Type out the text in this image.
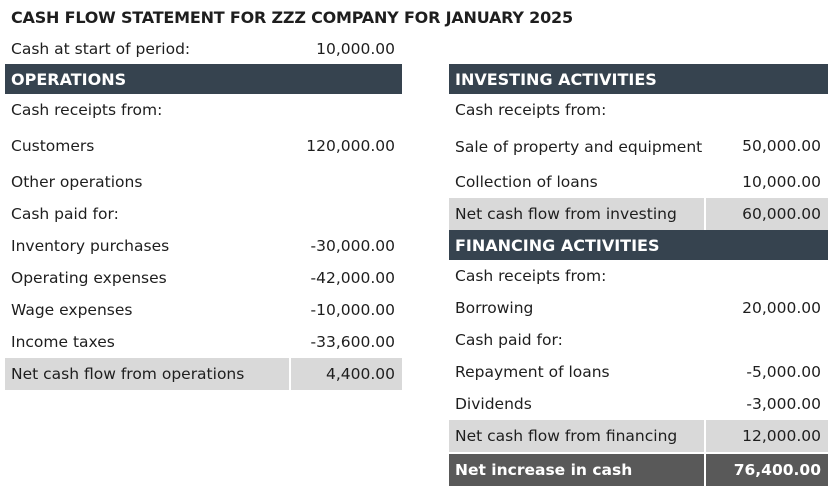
CASH FLOW STATEMENT FOR ZZZ COMPANY FOR JANUARY 2025
Cash at start of period:	10,000.00
OPERATIONS
Cash receipts from:
Customers	120,000.00
Other operations
Cash paid for:
Inventory purchases	-30,000.00
Operating expenses	-42,000.00
Wage expenses	-10,000.00
Income taxes	-33,600.00
Net cash flow from operations	4,400.00
INVESTING ACTIVITIES
Cash receipts from:
Sale of property and equipment	50,000.00
Collection of loans	10,000.00
Net cash flow from investing	60,000.00
FINANCING ACTIVITIES
Cash receipts from:
Borrowing	20,000.00
Cash paid for:
Repayment of loans	-5,000.00
Dividends	-3,000.00
Net cash flow from financing	12,000.00
Net increase in cash	76,400.00
